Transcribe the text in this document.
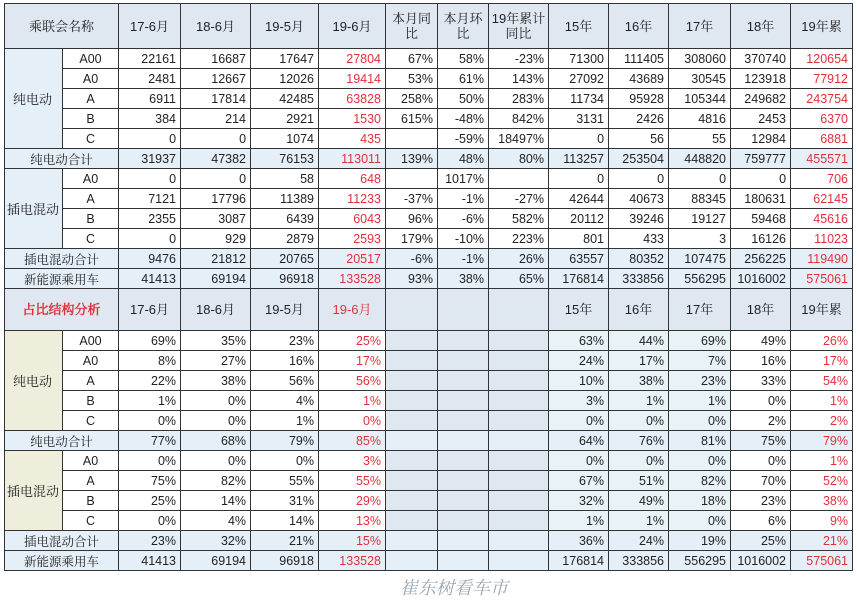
乘联会名称		17-6月	18-6月	19-5月	19-6月	本月同比	本月环比	19年累计同比	15年	16年	17年	18年	19年累
纯电动	A00	22161	16687	17647	27804	67%	58%	-23%	71300	111405	308060	370740	120654
	A0	2481	12667	12026	19414	53%	61%	143%	27092	43689	30545	123918	77912
	A	6911	17814	42485	63828	258%	50%	283%	11734	95928	105344	249682	243754
	B	384	214	2921	1530	615%	-48%	842%	3131	2426	4816	2453	6370
	C	0	0	1074	435		-59%	18497%	0	56	55	12984	6881
纯电动合计		31937	47382	76153	113011	139%	48%	80%	113257	253504	448820	759777	455571
插电混动	A0	0	0	58	648		1017%		0	0	0	0	706
	A	7121	17796	11389	11233	-37%	-1%	-27%	42644	40673	88345	180631	62145
	B	2355	3087	6439	6043	96%	-6%	582%	20112	39246	19127	59468	45616
	C	0	929	2879	2593	179%	-10%	223%	801	433	3	16126	11023
插电混动合计		9476	21812	20765	20517	-6%	-1%	26%	63557	80352	107475	256225	119490
新能源乘用车		41413	69194	96918	133528	93%	38%	65%	176814	333856	556295	1016002	575061
占比结构分析		17-6月	18-6月	19-5月	19-6月				15年	16年	17年	18年	19年累
纯电动	A00	69%	35%	23%	25%				63%	44%	69%	49%	26%
	A0	8%	27%	16%	17%				24%	17%	7%	16%	17%
	A	22%	38%	56%	56%				10%	38%	23%	33%	54%
	B	1%	0%	4%	1%				3%	1%	1%	0%	1%
	C	0%	0%	1%	0%				0%	0%	0%	2%	2%
纯电动合计		77%	68%	79%	85%				64%	76%	81%	75%	79%
插电混动	A0	0%	0%	0%	3%				0%	0%	0%	0%	1%
	A	75%	82%	55%	55%				67%	51%	82%	70%	52%
	B	25%	14%	31%	29%				32%	49%	18%	23%	38%
	C	0%	4%	14%	13%				1%	1%	0%	6%	9%
插电混动合计		23%	32%	21%	15%				36%	24%	19%	25%	21%
新能源乘用车		41413	69194	96918	133528				176814	333856	556295	1016002	575061
崔东树看车市
